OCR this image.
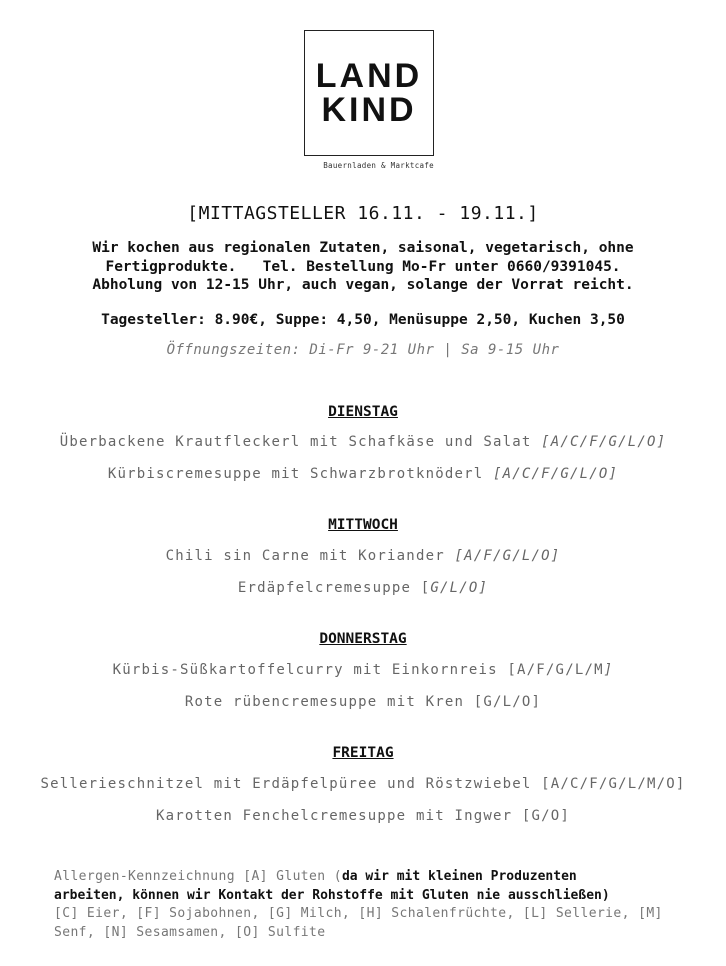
LAND
KIND
Bauernladen & Marktcafe
[MITTAGSTELLER 16.11. - 19.11.]
Wir kochen aus regionalen Zutaten, saisonal, vegetarisch, ohne
Fertigprodukte.   Tel. Bestellung Mo-Fr unter 0660/9391045.
Abholung von 12-15 Uhr, auch vegan, solange der Vorrat reicht.
Tagesteller: 8.90€, Suppe: 4,50, Menüsuppe 2,50, Kuchen 3,50
Öffnungszeiten: Di-Fr 9-21 Uhr | Sa 9-15 Uhr
DIENSTAG
Überbackene Krautfleckerl mit Schafkäse und Salat [A/C/F/G/L/O]
Kürbiscremesuppe mit Schwarzbrotknöderl [A/C/F/G/L/O]
MITTWOCH
Chili sin Carne mit Koriander [A/F/G/L/O]
Erdäpfelcremesuppe [G/L/O]
DONNERSTAG
Kürbis-Süßkartoffelcurry mit Einkornreis [A/F/G/L/M]
Rote rübencremesuppe mit Kren [G/L/O]
FREITAG
Sellerieschnitzel mit Erdäpfelpüree und Röstzwiebel [A/C/F/G/L/M/O]
Karotten Fenchelcremesuppe mit Ingwer [G/O]
Allergen-Kennzeichnung [A] Gluten (da wir mit kleinen Produzenten
arbeiten, können wir Kontakt der Rohstoffe mit Gluten nie ausschließen)
[C] Eier, [F] Sojabohnen, [G] Milch, [H] Schalenfrüchte, [L] Sellerie, [M]
Senf, [N] Sesamsamen, [O] Sulfite
